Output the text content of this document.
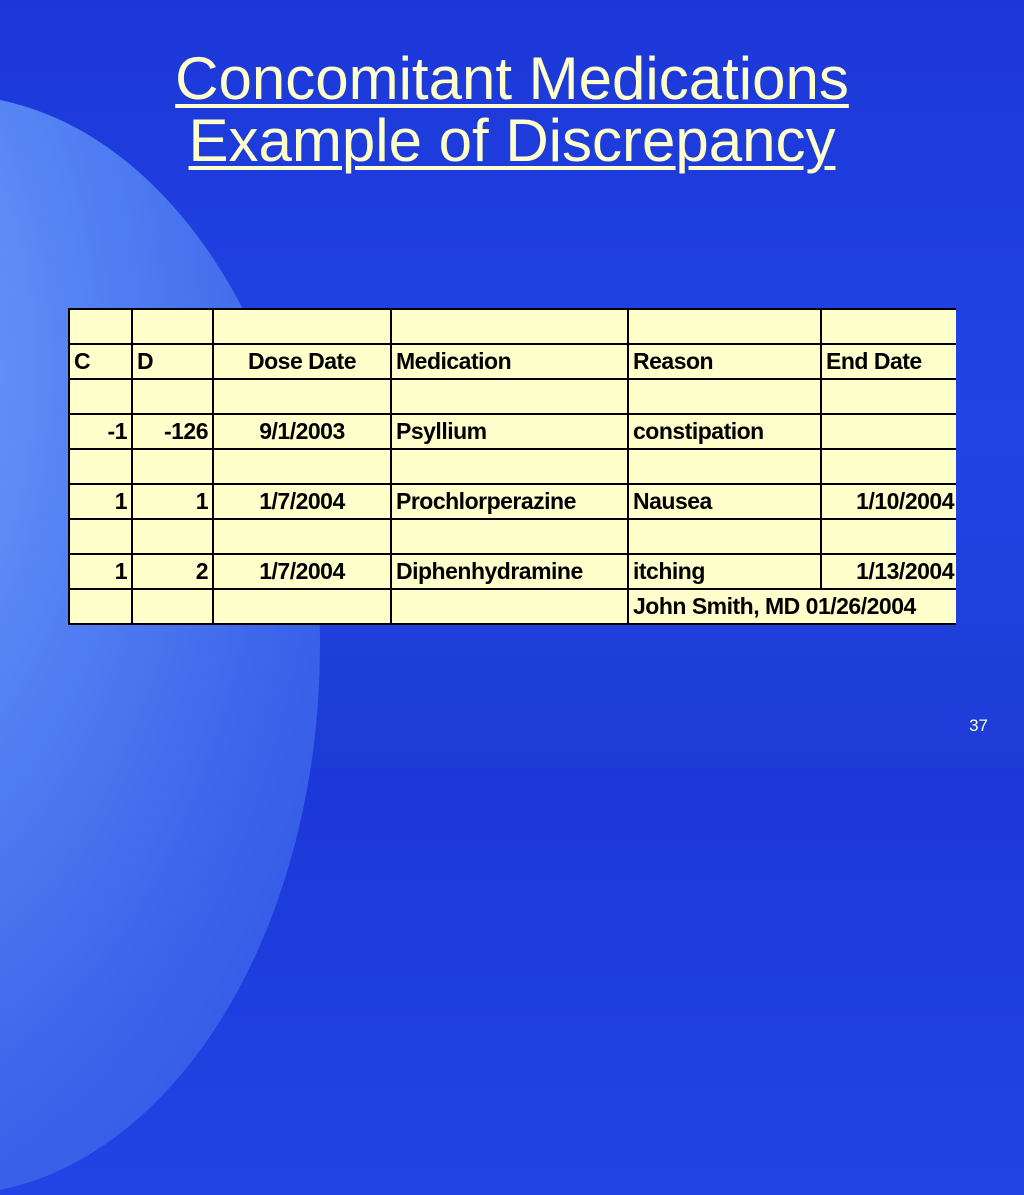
Concomitant Medications
Example of Discrepancy

C	D	Dose Date	Medication	Reason	End Date

-1	-126	9/1/2003	Psyllium	constipation	

1	1	1/7/2004	Prochlorperazine	Nausea	1/10/2004

1	2	1/7/2004	Diphenhydramine	itching	1/13/2004
				John Smith, MD 01/26/2004	
37
